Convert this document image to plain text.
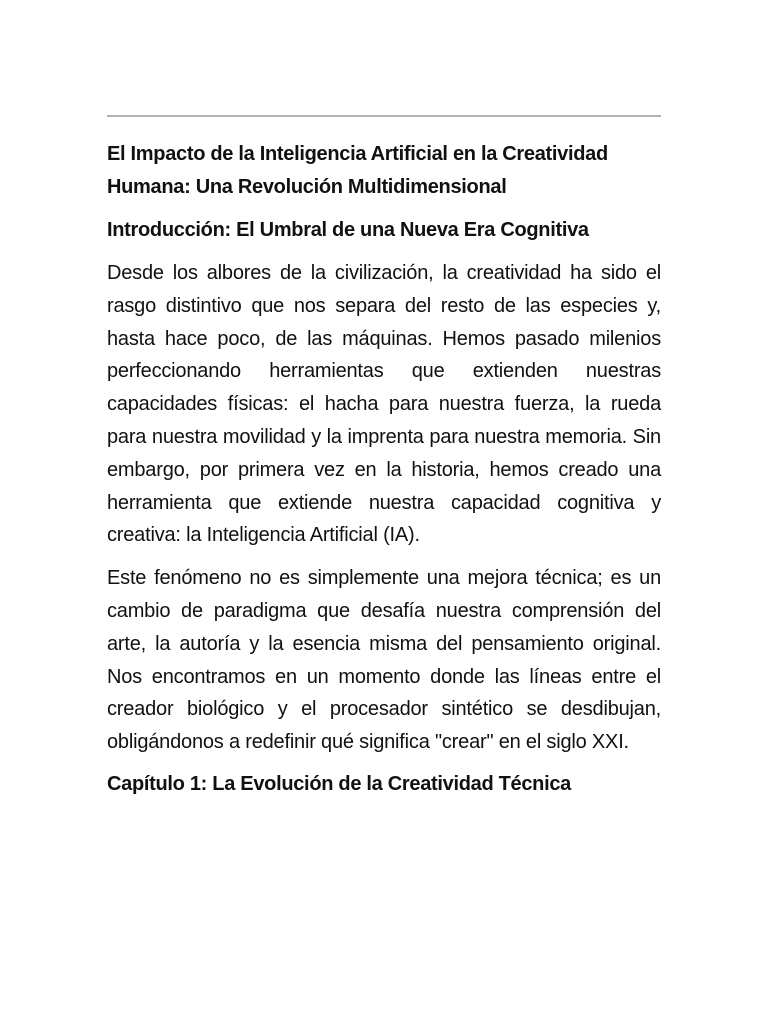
El Impacto de la Inteligencia Artificial en la Creatividad Humana: Una Revolución Multidimensional
Introducción: El Umbral de una Nueva Era Cognitiva

Desde los albores de la civilización, la creatividad ha sido el rasgo distintivo que nos separa del resto de las especies y, hasta hace poco, de las máquinas. Hemos pasado milenios perfeccionando herramientas que extienden nuestras capacidades físicas: el hacha para nuestra fuerza, la rueda para nuestra movilidad y la imprenta para nuestra memoria. Sin embargo, por primera vez en la historia, hemos creado una herramienta que extiende nuestra capacidad cognitiva y creativa: la Inteligencia Artificial (IA).

Este fenómeno no es simplemente una mejora técnica; es un cambio de paradigma que desafía nuestra comprensión del arte, la autoría y la esencia misma del pensamiento original. Nos encontramos en un momento donde las líneas entre el creador biológico y el procesador sintético se desdibujan, obligándonos a redefinir qué significa "crear" en el siglo XXI.

Capítulo 1: La Evolución de la Creatividad Técnica
